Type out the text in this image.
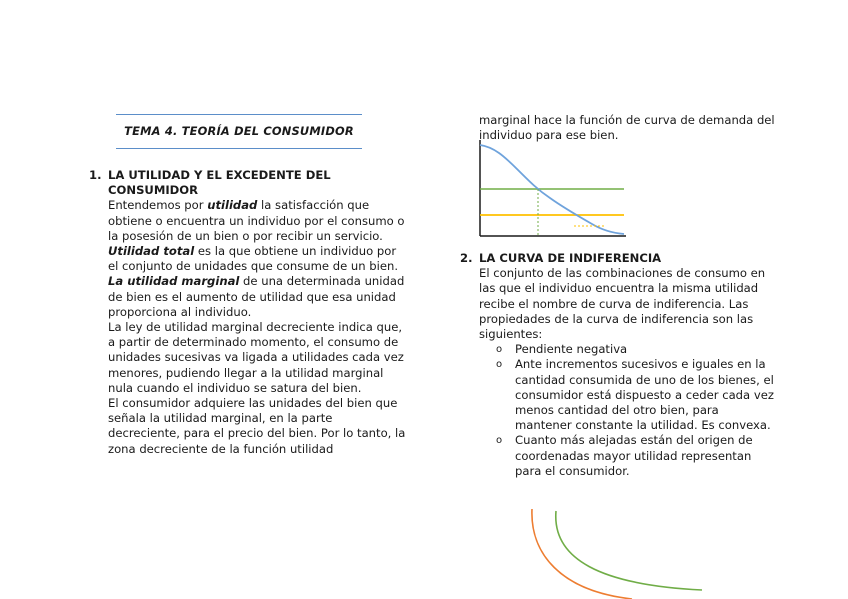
TEMA 4. TEORÍA DEL CONSUMIDOR
1. LA UTILIDAD Y EL EXCEDENTE DEL

CONSUMIDOR

Entendemos por utilidad la satisfacción que obtiene o encuentra un individuo por el consumo o la posesión de un bien o por recibir un servicio.

Utilidad total es la que obtiene un individuo por el conjunto de unidades que consume de un bien.

La utilidad marginal de una determinada unidad de bien es el aumento de utilidad que esa unidad proporciona al individuo.

La ley de utilidad marginal decreciente indica que, a partir de determinado momento, el consumo de unidades sucesivas va ligada a utilidades cada vez menores, pudiendo llegar a la utilidad marginal nula cuando el individuo se satura del bien.

El consumidor adquiere las unidades del bien que señala la utilidad marginal, en la parte decreciente, para el precio del bien. Por lo tanto, la zona decreciente de la función utilidad

marginal hace la función de curva de demanda del individuo para ese bien.
2. LA CURVA DE INDIFERENCIA

El conjunto de las combinaciones de consumo en las que el individuo encuentra la misma utilidad recibe el nombre de curva de indiferencia. Las propiedades de la curva de indiferencia son las siguientes:

o Pendiente negativa
o Ante incrementos sucesivos e iguales en la cantidad consumida de uno de los bienes, el consumidor está dispuesto a ceder cada vez menos cantidad del otro bien, para mantener constante la utilidad. Es convexa.
o Cuanto más alejadas están del origen de coordenadas mayor utilidad representan para el consumidor.
